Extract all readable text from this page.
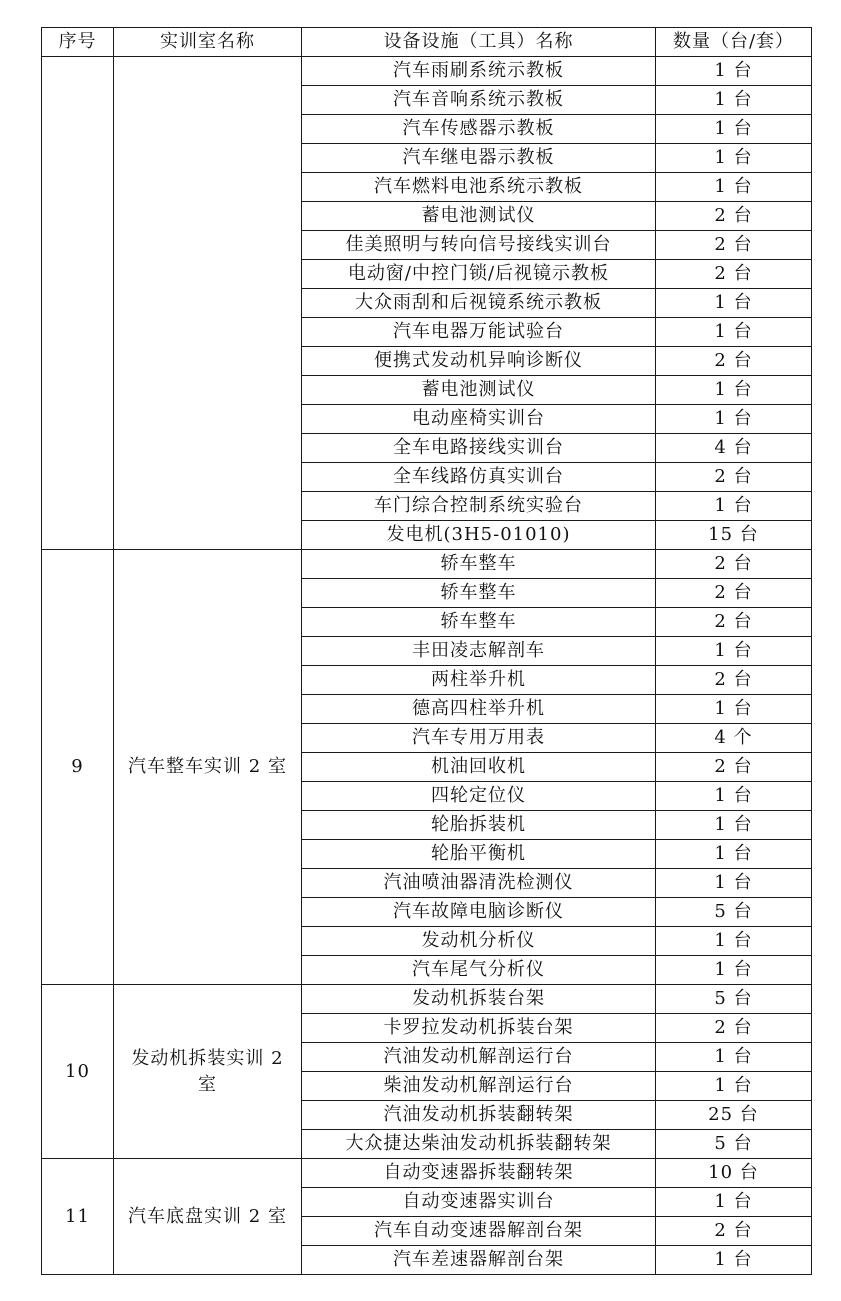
序号	实训室名称	设备设施（工具）名称	数量（台/套）
		汽车雨刷系统示教板	1 台
		汽车音响系统示教板	1 台
		汽车传感器示教板	1 台
		汽车继电器示教板	1 台
		汽车燃料电池系统示教板	1 台
		蓄电池测试仪	2 台
		佳美照明与转向信号接线实训台	2 台
		电动窗/中控门锁/后视镜示教板	2 台
		大众雨刮和后视镜系统示教板	1 台
		汽车电器万能试验台	1 台
		便携式发动机异响诊断仪	2 台
		蓄电池测试仪	1 台
		电动座椅实训台	1 台
		全车电路接线实训台	4 台
		全车线路仿真实训台	2 台
		车门综合控制系统实验台	1 台
		发电机(3H5-01010)	15 台
9	汽车整车实训 2 室	轿车整车	2 台
		轿车整车	2 台
		轿车整车	2 台
		丰田凌志解剖车	1 台
		两柱举升机	2 台
		德高四柱举升机	1 台
		汽车专用万用表	4 个
		机油回收机	2 台
		四轮定位仪	1 台
		轮胎拆装机	1 台
		轮胎平衡机	1 台
		汽油喷油器清洗检测仪	1 台
		汽车故障电脑诊断仪	5 台
		发动机分析仪	1 台
		汽车尾气分析仪	1 台
10	发动机拆装实训 2 室	发动机拆装台架	5 台
		卡罗拉发动机拆装台架	2 台
		汽油发动机解剖运行台	1 台
		柴油发动机解剖运行台	1 台
		汽油发动机拆装翻转架	25 台
		大众捷达柴油发动机拆装翻转架	5 台
11	汽车底盘实训 2 室	自动变速器拆装翻转架	10 台
		自动变速器实训台	1 台
		汽车自动变速器解剖台架	2 台
		汽车差速器解剖台架	1 台
